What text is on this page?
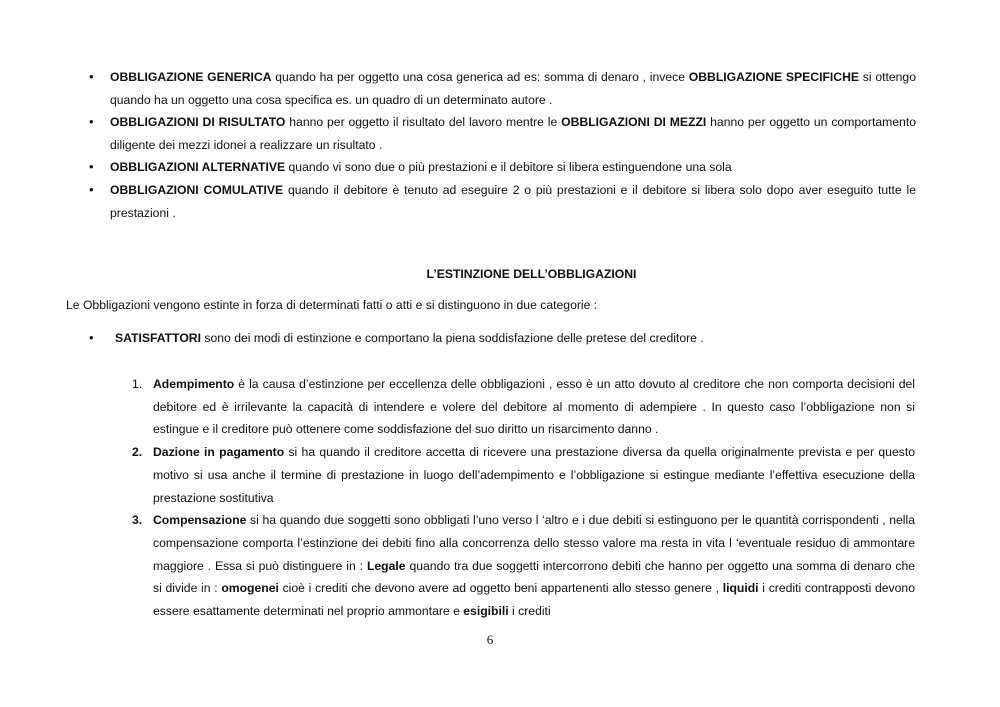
• OBBLIGAZIONE GENERICA quando ha per oggetto una cosa generica ad es: somma di denaro , invece OBBLIGAZIONE SPECIFICHE si ottengo quando ha un oggetto una cosa specifica es. un quadro di un determinato autore .
• OBBLIGAZIONI DI RISULTATO hanno per oggetto il risultato del lavoro mentre le OBBLIGAZIONI DI MEZZI hanno per oggetto un comportamento diligente dei mezzi idonei a realizzare un risultato .
• OBBLIGAZIONI ALTERNATIVE quando vi sono due o più prestazioni e il debitore si libera estinguendone una sola
• OBBLIGAZIONI COMULATIVE quando il debitore è tenuto ad eseguire 2 o più prestazioni e il debitore si libera solo dopo aver eseguito tutte le prestazioni .
L’ESTINZIONE DELL’OBBLIGAZIONI
Le Obbligazioni vengono estinte in forza di determinati fatti o atti e si distinguono in due categorie :
• SATISFATTORI sono dei modi di estinzione e comportano la piena soddisfazione delle pretese del creditore .
1. Adempimento è la causa d’estinzione per eccellenza delle obbligazioni , esso è un atto dovuto al creditore che non comporta decisioni del debitore ed è irrilevante la capacità di intendere e volere del debitore al momento di adempiere . In questo caso l’obbligazione non si estingue e il creditore può ottenere come soddisfazione del suo diritto un risarcimento danno .
2. Dazione in pagamento si ha quando il creditore accetta di ricevere una prestazione diversa da quella originalmente prevista e per questo motivo si usa anche il termine di prestazione in luogo dell’adempimento e l’obbligazione si estingue mediante l’effettiva esecuzione della prestazione sostitutiva
3. Compensazione si ha quando due soggetti sono obbligati l’uno verso l ‘altro e i due debiti si estinguono per le quantità corrispondenti , nella compensazione comporta l’estinzione dei debiti fino alla concorrenza dello stesso valore ma resta in vita l ‘eventuale residuo di ammontare maggiore . Essa si può distinguere in : Legale quando tra due soggetti intercorrono debiti che hanno per oggetto una somma di denaro che si divide in : omogenei cioè i crediti che devono avere ad oggetto beni appartenenti allo stesso genere , liquidi i crediti contrapposti devono essere esattamente determinati nel proprio ammontare e esigibili i crediti
6
